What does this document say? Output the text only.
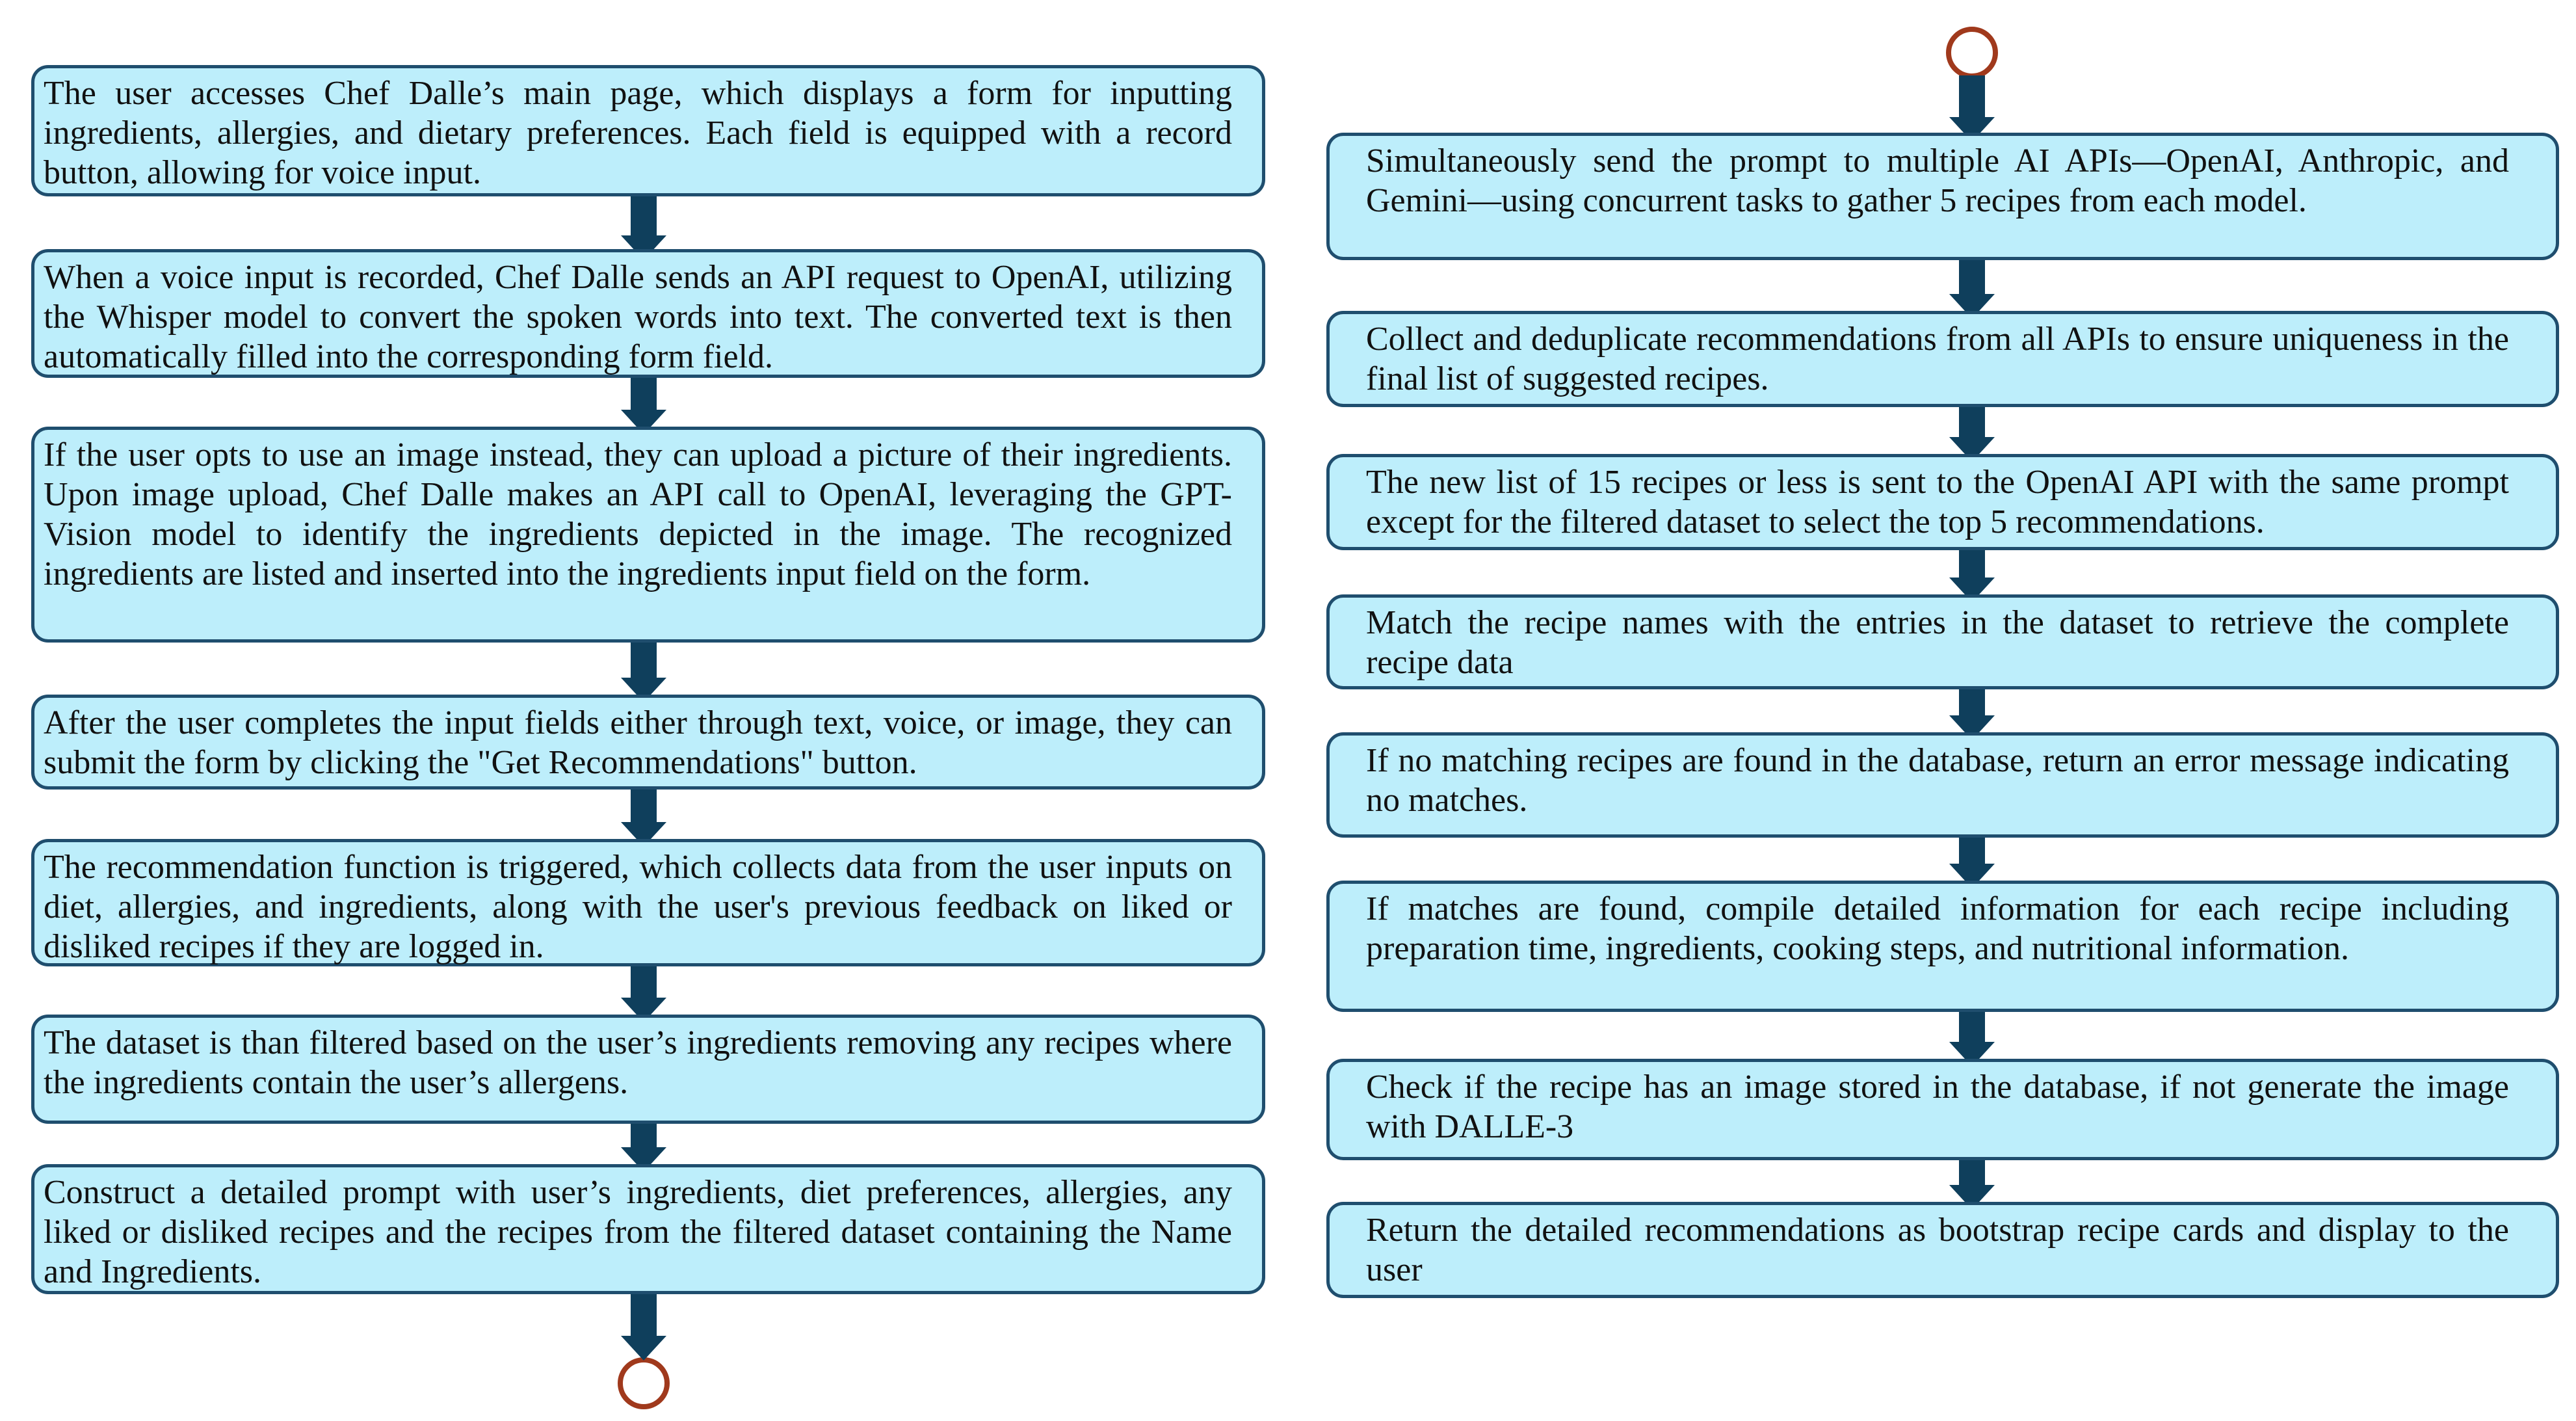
The user accesses Chef Dalle’s main page, which displays a form for inputting ingredients, allergies, and dietary preferences. Each field is equipped with a record button, allowing for voice input.
When a voice input is recorded, Chef Dalle sends an API request to OpenAI, utilizing the Whisper model to convert the spoken words into text. The converted text is then automatically filled into the corresponding form field.
If the user opts to use an image instead, they can upload a picture of their ingredients. Upon image upload, Chef Dalle makes an API call to OpenAI, leveraging the GPT-Vision model to identify the ingredients depicted in the image. The recognized ingredients are listed and inserted into the ingredients input field on the form.
After the user completes the input fields either through text, voice, or image, they can submit the form by clicking the "Get Recommendations" button.
The recommendation function is triggered, which collects data from the user inputs on diet, allergies, and ingredients, along with the user's previous feedback on liked or disliked recipes if they are logged in.
The dataset is than filtered based on the user’s ingredients removing any recipes where the ingredients contain the user’s allergens.
Construct a detailed prompt with user’s ingredients, diet preferences, allergies, any liked or disliked recipes and the recipes from the filtered dataset containing the Name and Ingredients.
Simultaneously send the prompt to multiple AI APIs—OpenAI, Anthropic, and Gemini—using concurrent tasks to gather 5 recipes from each model.
Collect and deduplicate recommendations from all APIs to ensure uniqueness in the final list of suggested recipes.
The new list of 15 recipes or less is sent to the OpenAI API with the same prompt except for the filtered dataset to select the top 5 recommendations.
Match the recipe names with the entries in the dataset to retrieve the complete recipe data
If no matching recipes are found in the database, return an error message indicating no matches.
If matches are found, compile detailed information for each recipe including preparation time, ingredients, cooking steps, and nutritional information.
Check if the recipe has an image stored in the database, if not generate the image with DALLE-3
Return the detailed recommendations as bootstrap recipe cards and display to the user
